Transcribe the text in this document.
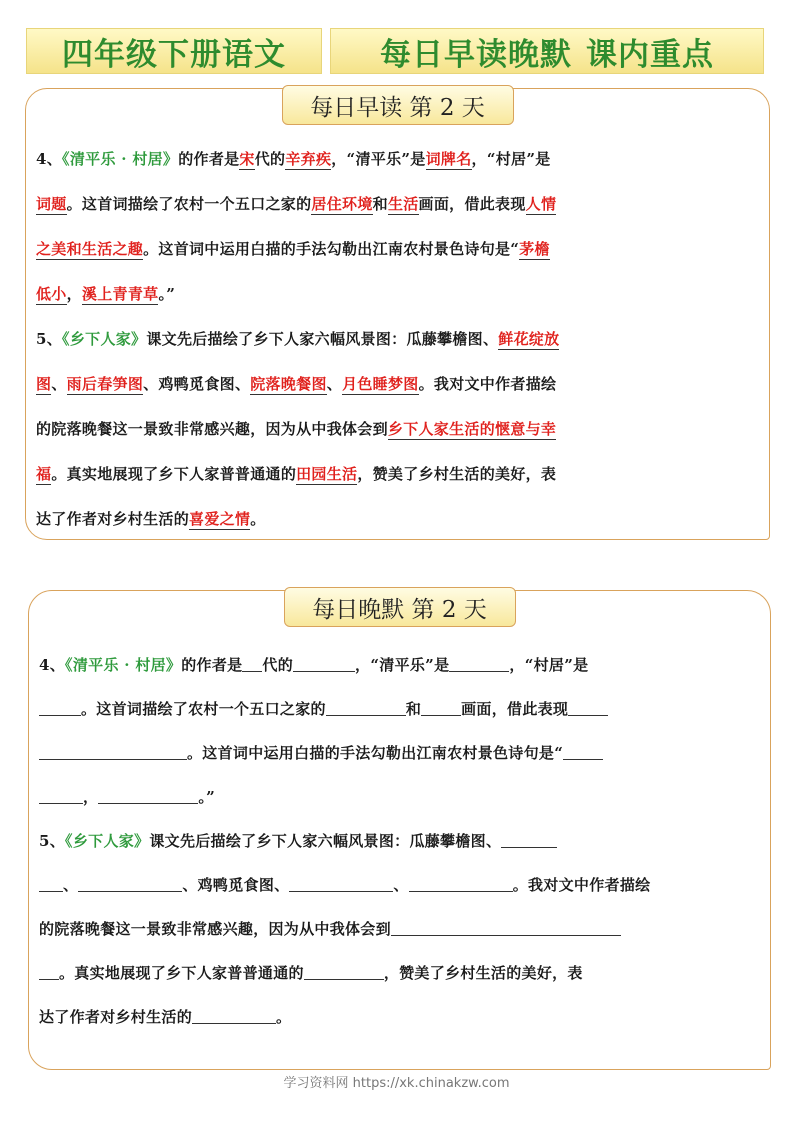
四年级下册语文	每日早读晚默 课内重点
每日早读 第 2 天
4、《清平乐 · 村居》的作者是宋代的辛弃疾，“清平乐”是词牌名，“村居”是
词题。这首词描绘了农村一个五口之家的居住环境和生活画面，借此表现人情
之美和生活之趣。这首词中运用白描的手法勾勒出江南农村景色诗句是“茅檐
低小，溪上青青草。”
5、《乡下人家》课文先后描绘了乡下人家六幅风景图：瓜藤攀檐图、鲜花绽放
图、雨后春笋图、鸡鸭觅食图、院落晚餐图、月色睡梦图。我对文中作者描绘
的院落晚餐这一景致非常感兴趣，因为从中我体会到乡下人家生活的惬意与幸
福。真实地展现了乡下人家普普通通的田园生活，赞美了乡村生活的美好，表
达了作者对乡村生活的喜爱之情。
每日晚默 第 2 天
4、《清平乐 · 村居》的作者是 代的	，“清平乐”是	，“村居”是
。这首词描绘了农村一个五口之家的	和	画面，借此表现
。这首词中运用白描的手法勾勒出江南农村景色诗句是“
，	。”
5、《乡下人家》课文先后描绘了乡下人家六幅风景图：瓜藤攀檐图、
、	、鸡鸭觅食图、	、	。我对文中作者描绘
的院落晚餐这一景致非常感兴趣，因为从中我体会到
。真实地展现了乡下人家普普通通的	，赞美了乡村生活的美好，表
达了作者对乡村生活的	。
学习资料网 https://xk.chinakzw.com
